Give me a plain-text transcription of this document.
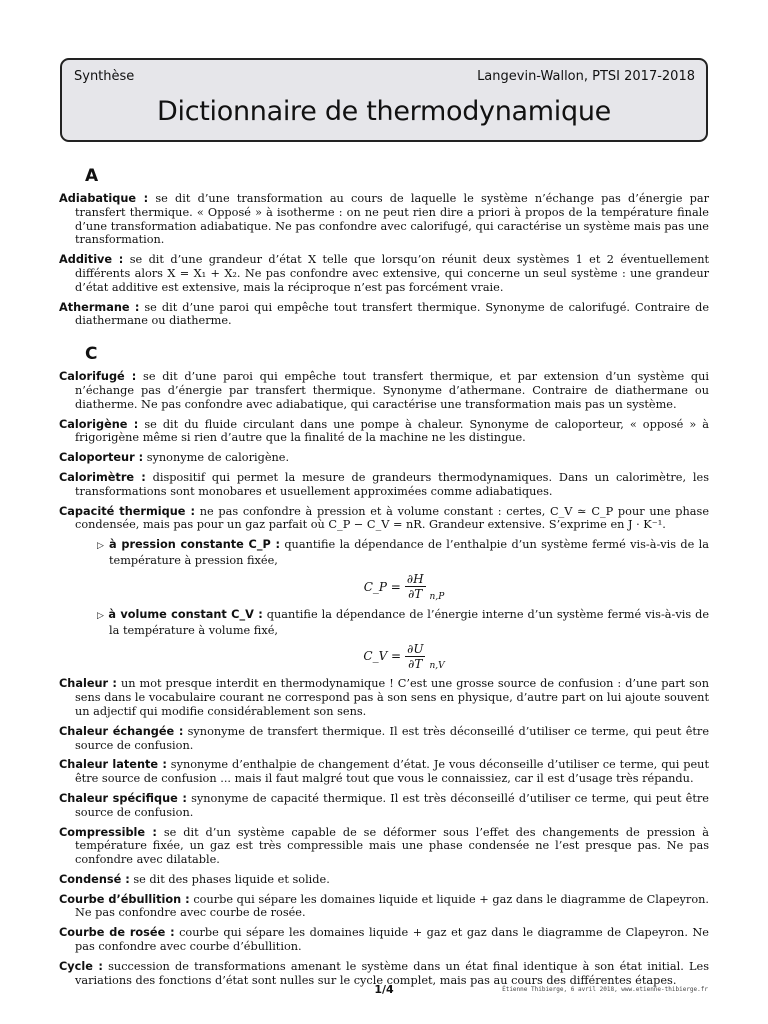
Synthèse	Langevin-Wallon, PTSI 2017-2018
Dictionnaire de thermodynamique
A
Adiabatique : se dit d’une transformation au cours de laquelle le système n’échange pas d’énergie par transfert thermique. « Opposé » à isotherme : on ne peut rien dire a priori à propos de la température finale d’une transformation adiabatique. Ne pas confondre avec calorifugé, qui caractérise un système mais pas une transformation.
Additive : se dit d’une grandeur d’état X telle que lorsqu’on réunit deux systèmes 1 et 2 éventuellement différents alors X = X₁ + X₂. Ne pas confondre avec extensive, qui concerne un seul système : une grandeur d’état additive est extensive, mais la réciproque n’est pas forcément vraie.
Athermane : se dit d’une paroi qui empêche tout transfert thermique. Synonyme de calorifugé. Contraire de diathermane ou diatherme.
C
Calorifugé : se dit d’une paroi qui empêche tout transfert thermique, et par extension d’un système qui n’échange pas d’énergie par transfert thermique. Synonyme d’athermane. Contraire de diathermane ou diatherme. Ne pas confondre avec adiabatique, qui caractérise une transformation mais pas un système.
Calorigène : se dit du fluide circulant dans une pompe à chaleur. Synonyme de caloporteur, « opposé » à frigorigène même si rien d’autre que la finalité de la machine ne les distingue.
Caloporteur : synonyme de calorigène.
Calorimètre : dispositif qui permet la mesure de grandeurs thermodynamiques. Dans un calorimètre, les transformations sont monobares et usuellement approximées comme adiabatiques.
Capacité thermique : ne pas confondre à pression et à volume constant : certes, C_V ≃ C_P pour une phase condensée, mais pas pour un gaz parfait où C_P − C_V = nR. Grandeur extensive. S’exprime en J · K⁻¹.
▷ à pression constante C_P : quantifie la dépendance de l’enthalpie d’un système fermé vis-à-vis de la température à pression fixée,
C_P = $\frac{\partial H}{\partial T} n,P$
▷ à volume constant C_V : quantifie la dépendance de l’énergie interne d’un système fermé vis-à-vis de la température à volume fixé,
C_V = $\frac{\partial U}{\partial T} n,V$
Chaleur : un mot presque interdit en thermodynamique ! C’est une grosse source de confusion : d’une part son sens dans le vocabulaire courant ne correspond pas à son sens en physique, d’autre part on lui ajoute souvent un adjectif qui modifie considérablement son sens.
Chaleur échangée : synonyme de transfert thermique. Il est très déconseillé d’utiliser ce terme, qui peut être source de confusion.
Chaleur latente : synonyme d’enthalpie de changement d’état. Je vous déconseille d’utiliser ce terme, qui peut être source de confusion ... mais il faut malgré tout que vous le connaissiez, car il est d’usage très répandu.
Chaleur spécifique : synonyme de capacité thermique. Il est très déconseillé d’utiliser ce terme, qui peut être source de confusion.
Compressible : se dit d’un système capable de se déformer sous l’effet des changements de pression à température fixée, un gaz est très compressible mais une phase condensée ne l’est presque pas. Ne pas confondre avec dilatable.
Condensé : se dit des phases liquide et solide.
Courbe d’ébullition : courbe qui sépare les domaines liquide et liquide + gaz dans le diagramme de Clapeyron. Ne pas confondre avec courbe de rosée.
Courbe de rosée : courbe qui sépare les domaines liquide + gaz et gaz dans le diagramme de Clapeyron. Ne pas confondre avec courbe d’ébullition.
Cycle : succession de transformations amenant le système dans un état final identique à son état initial. Les variations des fonctions d’état sont nulles sur le cycle complet, mais pas au cours des différentes étapes.
1/4	Étienne Thibierge, 6 avril 2018, www.etienne-thibierge.fr
